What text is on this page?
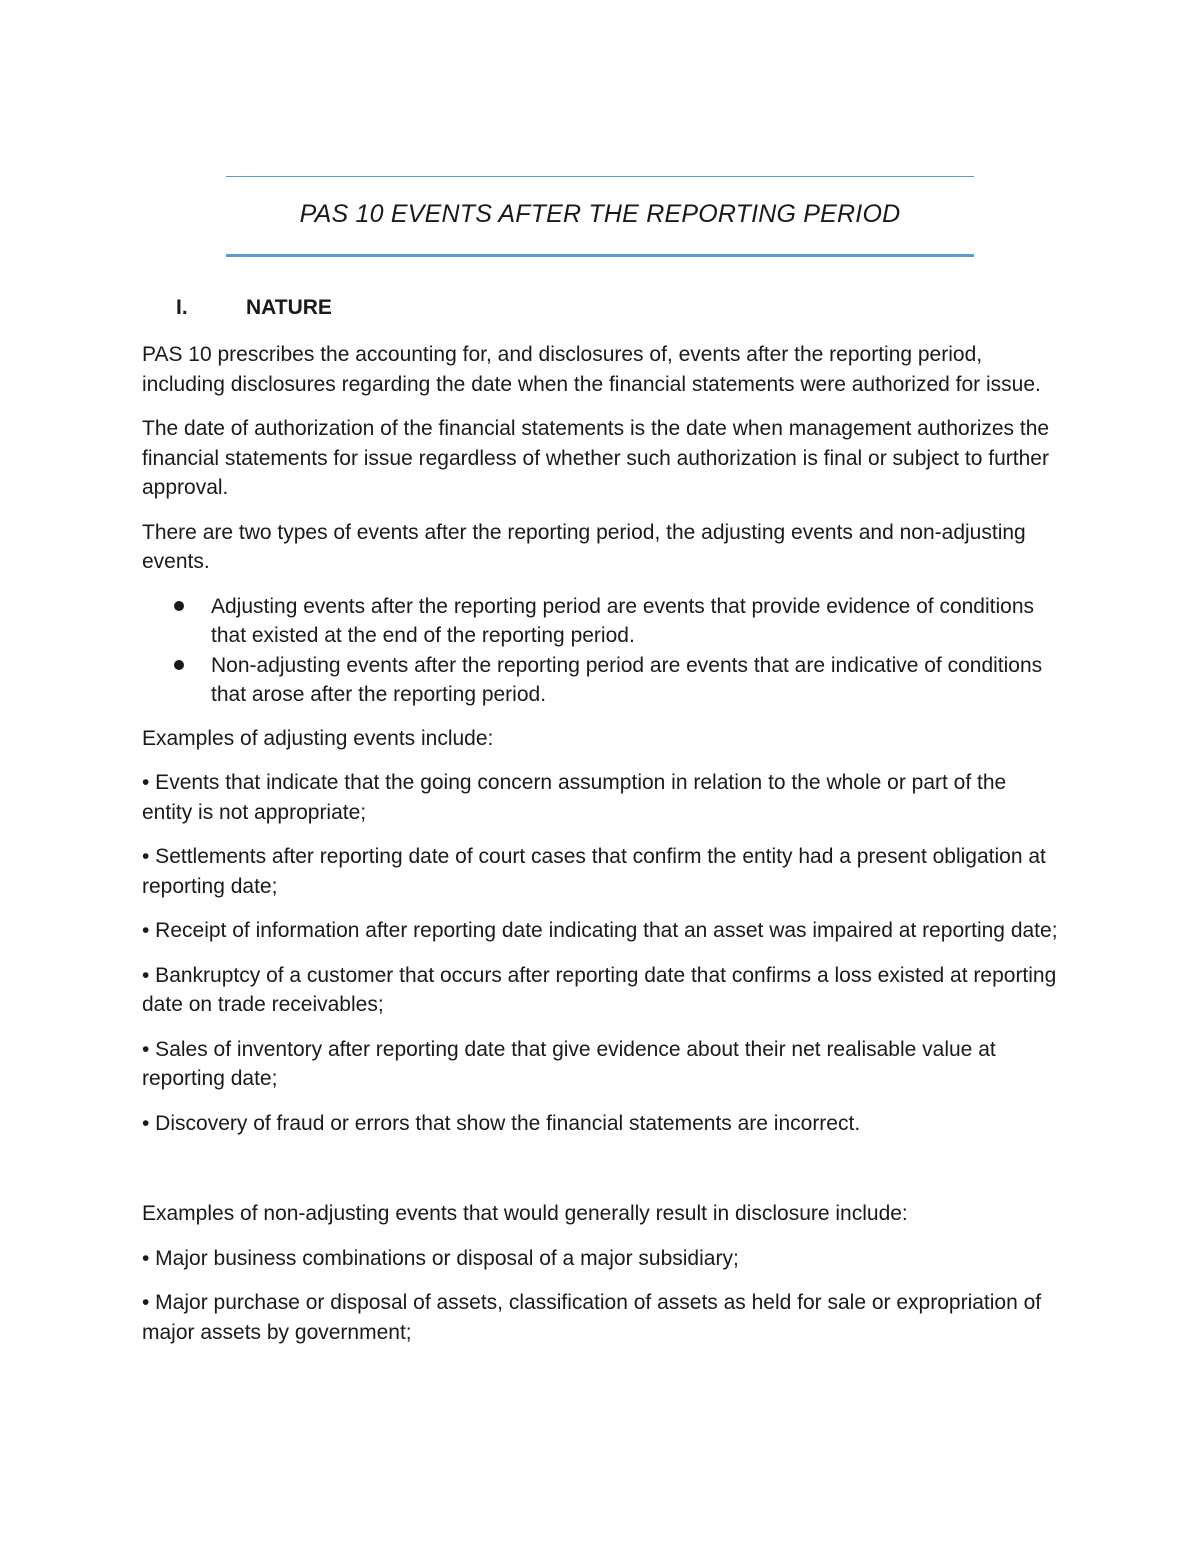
PAS 10 EVENTS AFTER THE REPORTING PERIOD
I.	NATURE

PAS 10 prescribes the accounting for, and disclosures of, events after the reporting period, including disclosures regarding the date when the financial statements were authorized for issue.

The date of authorization of the financial statements is the date when management authorizes the financial statements for issue regardless of whether such authorization is final or subject to further approval.

There are two types of events after the reporting period, the adjusting events and non-adjusting events.

Adjusting events after the reporting period are events that provide evidence of conditions that existed at the end of the reporting period.
Non-adjusting events after the reporting period are events that are indicative of conditions that arose after the reporting period.

Examples of adjusting events include:

• Events that indicate that the going concern assumption in relation to the whole or part of the entity is not appropriate;

• Settlements after reporting date of court cases that confirm the entity had a present obligation at reporting date;

• Receipt of information after reporting date indicating that an asset was impaired at reporting date;

• Bankruptcy of a customer that occurs after reporting date that confirms a loss existed at reporting date on trade receivables;

• Sales of inventory after reporting date that give evidence about their net realisable value at reporting date;

• Discovery of fraud or errors that show the financial statements are incorrect.

Examples of non-adjusting events that would generally result in disclosure include:

• Major business combinations or disposal of a major subsidiary;

• Major purchase or disposal of assets, classification of assets as held for sale or expropriation of major assets by government;
